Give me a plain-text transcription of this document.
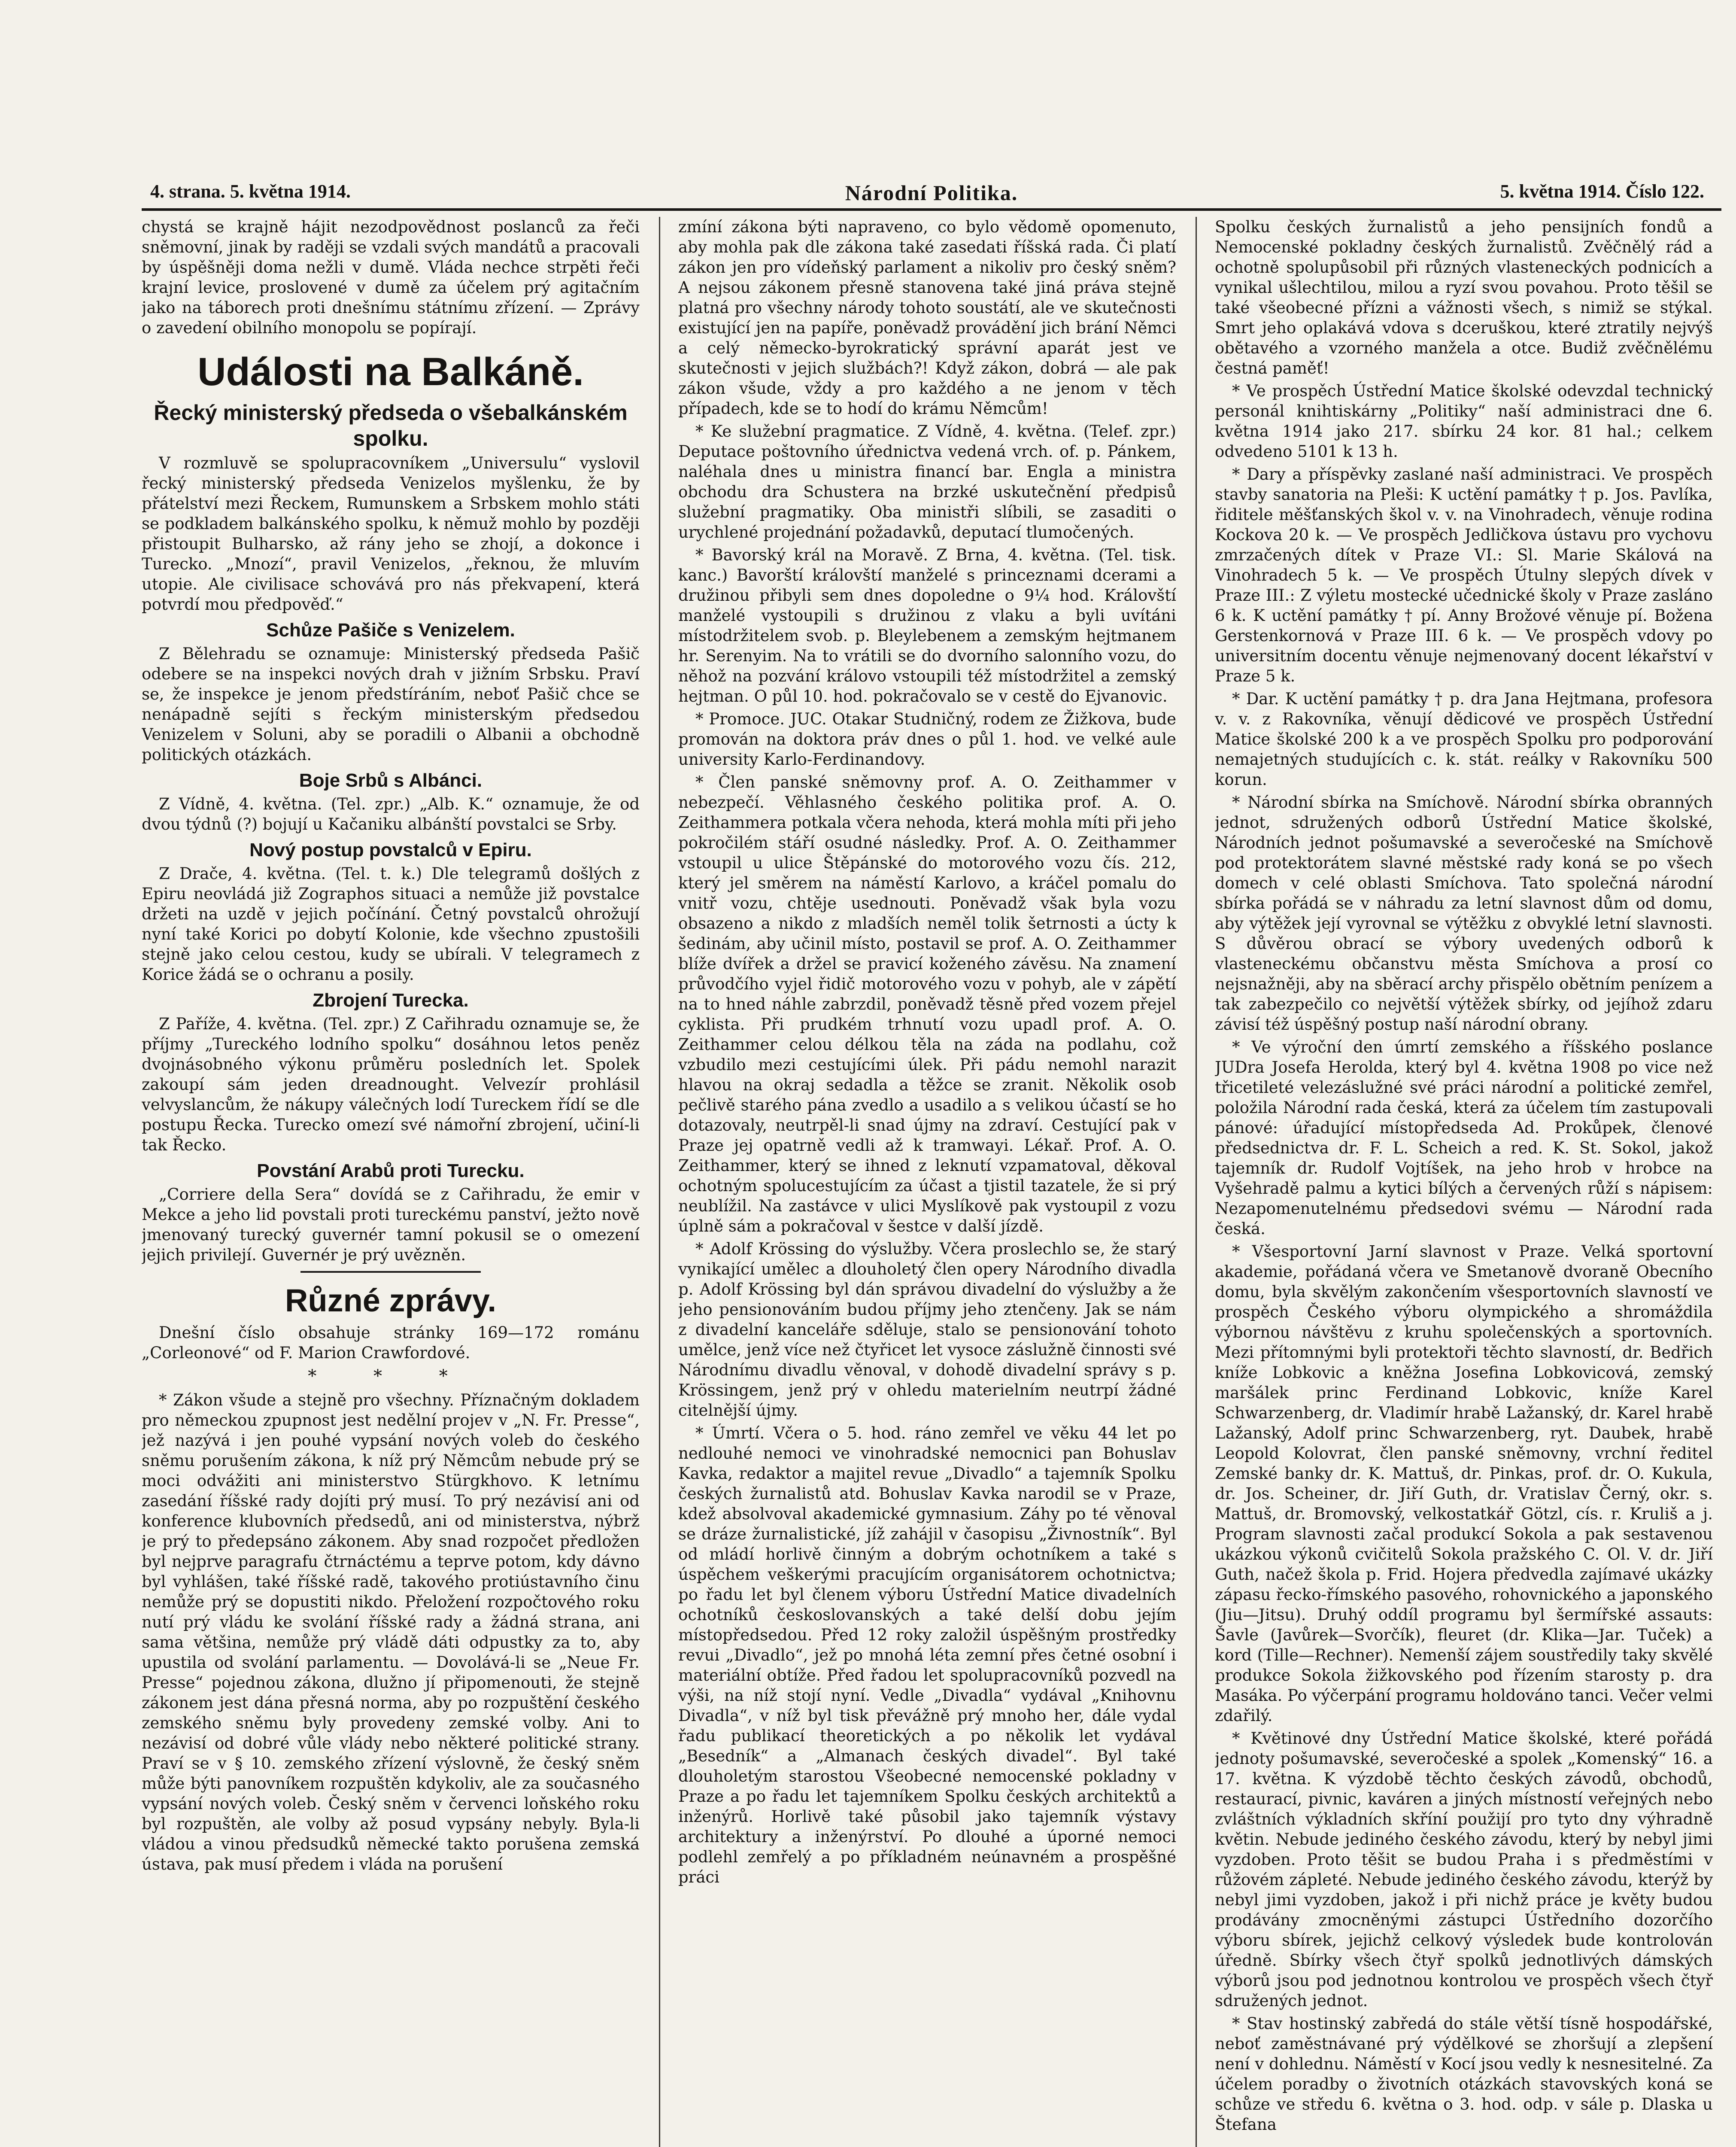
4. strana. 5. května 1914.	Národní Politika.	5. května 1914. Číslo 122.

chystá se krajně hájit nezodpovědnost poslanců za řeči sněmovní, jinak by raději se vzdali svých mandátů a pracovali by úspěšněji doma nežli v dumě. Vláda nechce strpěti řeči krajní levice, proslovené v dumě za účelem prý agitačním jako na táborech proti dnešnímu státnímu zřízení. — Zprávy o zavedení obilního monopolu se popírají.

Události na Balkáně.
Řecký ministerský předseda o všebalkánském spolku.

V rozmluvě se spolupracovníkem „Universulu“ vyslovil řecký ministerský předseda Venizelos myšlenku, že by přátelství mezi Řeckem, Rumunskem a Srbskem mohlo státi se podkladem balkánského spolku, k němuž mohlo by později přistoupit Bulharsko, až rány jeho se zhojí, a dokonce i Turecko. „Mnozí“, pravil Venizelos, „řeknou, že mluvím utopie. Ale civilisace schovává pro nás překvapení, která potvrdí mou předpověď.“

Schůze Pašiče s Venizelem.

Z Bělehradu se oznamuje: Ministerský předseda Pašič odebere se na inspekci nových drah v jižním Srbsku. Praví se, že inspekce je jenom předstíráním, neboť Pašič chce se nenápadně sejíti s řeckým ministerským předsedou Venizelem v Soluni, aby se poradili o Albanii a obchodně politických otázkách.

Boje Srbů s Albánci.

Z Vídně, 4. května. (Tel. zpr.) „Alb. K.“ oznamuje, že od dvou týdnů (?) bojují u Kačaniku albánští povstalci se Srby.

Nový postup povstalců v Epiru.

Z Drače, 4. května. (Tel. t. k.) Dle telegramů došlých z Epiru neovládá již Zographos situaci a nemůže již povstalce držeti na uzdě v jejich počínání. Četný povstalců ohrožují nyní také Korici po dobytí Kolonie, kde všechno zpustošili stejně jako celou cestou, kudy se ubírali. V telegramech z Korice žádá se o ochranu a posily.

Zbrojení Turecka.

Z Paříže, 4. května. (Tel. zpr.) Z Cařihradu oznamuje se, že příjmy „Tureckého lodního spolku“ dosáhnou letos peněz dvojnásobného výkonu průměru posledních let. Spolek zakoupí sám jeden dreadnought. Velvezír prohlásil velvyslancům, že nákupy válečných lodí Tureckem řídí se dle postupu Řecka. Turecko omezí své námořní zbrojení, učiní-li tak Řecko.

Povstání Arabů proti Turecku.

„Corriere della Sera“ dovídá se z Cařihradu, že emir v Mekce a jeho lid povstali proti tureckému panství, ježto nově jmenovaný turecký guvernér tamní pokusil se o omezení jejich privilejí. Guvernér je prý uvězněn.

Různé zprávy.

Dnešní číslo obsahuje stránky 169—172 románu „Corleonové“ od F. Marion Crawfordové.

* * *

* Zákon všude a stejně pro všechny. Příznačným dokladem pro německou zpupnost jest nedělní projev v „N. Fr. Presse“, jež nazývá i jen pouhé vypsání nových voleb do českého sněmu porušením zákona, k níž prý Němcům nebude prý se moci odvážiti ani ministerstvo Stürgkhovo. K letnímu zasedání říšské rady dojíti prý musí. To prý nezávisí ani od konference klubovních předsedů, ani od ministerstva, nýbrž je prý to předepsáno zákonem. Aby snad rozpočet předložen byl nejprve paragrafu čtrnáctému a teprve potom, kdy dávno byl vyhlášen, také říšské radě, takového protiústavního činu nemůže prý se dopustiti nikdo. Přeložení rozpočtového roku nutí prý vládu ke svolání říšské rady a žádná strana, ani sama většina, nemůže prý vládě dáti odpustky za to, aby upustila od svolání parlamentu. — Dovolává-li se „Neue Fr. Presse“ pojednou zákona, dlužno jí připomenouti, že stejně zákonem jest dána přesná norma, aby po rozpuštění českého zemského sněmu byly provedeny zemské volby. Ani to nezávisí od dobré vůle vlády nebo některé politické strany. Praví se v § 10. zemského zřízení výslovně, že český sněm může býti panovníkem rozpuštěn kdykoliv, ale za současného vypsání nových voleb. Český sněm v červenci loňského roku byl rozpuštěn, ale volby až posud vypsány nebyly. Byla-li vládou a vinou předsudků německé takto porušena zemská ústava, pak musí předem i vláda na porušení

zmíní zákona býti napraveno, co bylo vědomě opomenuto, aby mohla pak dle zákona také zasedati říšská rada. Či platí zákon jen pro vídeňský parlament a nikoliv pro český sněm? A nejsou zákonem přesně stanovena také jiná práva stejně platná pro všechny národy tohoto soustátí, ale ve skutečnosti existující jen na papíře, poněvadž provádění jich brání Němci a celý německo-byrokratický správní aparát jest ve skutečnosti v jejich službách?! Když zákon, dobrá — ale pak zákon všude, vždy a pro každého a ne jenom v těch případech, kde se to hodí do krámu Němcům!

* Ke služební pragmatice. Z Vídně, 4. května. (Telef. zpr.) Deputace poštovního úřednictva vedená vrch. of. p. Pánkem, naléhala dnes u ministra financí bar. Engla a ministra obchodu dra Schustera na brzké uskutečnění předpisů služební pragmatiky. Oba ministři slíbili, se zasaditi o urychlené projednání požadavků, deputací tlumočených.

* Bavorský král na Moravě. Z Brna, 4. května. (Tel. tisk. kanc.) Bavorští královští manželé s princeznami dcerami a družinou přibyli sem dnes dopoledne o 9¼ hod. Královští manželé vystoupili s družinou z vlaku a byli uvítáni místodržitelem svob. p. Bleylebenem a zemským hejtmanem hr. Serenyim. Na to vrátili se do dvorního salonního vozu, do něhož na pozvání královo vstoupili též místodržitel a zemský hejtman. O půl 10. hod. pokračovalo se v cestě do Ejvanovic.

* Promoce. JUC. Otakar Studničný, rodem ze Žižkova, bude promován na doktora práv dnes o půl 1. hod. ve velké aule university Karlo-Ferdinandovy.

* Člen panské sněmovny prof. A. O. Zeithammer v nebezpečí. Věhlasného českého politika prof. A. O. Zeithammera potkala včera nehoda, která mohla míti při jeho pokročilém stáří osudné následky. Prof. A. O. Zeithammer vstoupil u ulice Štěpánské do motorového vozu čís. 212, který jel směrem na náměstí Karlovo, a kráčel pomalu do vnitř vozu, chtěje usednouti. Poněvadž však byla vozu obsazeno a nikdo z mladších neměl tolik šetrnosti a úcty k šedinám, aby učinil místo, postavil se prof. A. O. Zeithammer blíže dvířek a držel se pravicí koženého závěsu. Na znamení průvodčího vyjel řidič motorového vozu v pohyb, ale v zápětí na to hned náhle zabrzdil, poněvadž těsně před vozem přejel cyklista. Při prudkém trhnutí vozu upadl prof. A. O. Zeithammer celou délkou těla na záda na podlahu, což vzbudilo mezi cestujícími úlek. Při pádu nemohl narazit hlavou na okraj sedadla a těžce se zranit. Několik osob pečlivě starého pána zvedlo a usadilo a s velikou účastí se ho dotazovaly, neutrpěl-li snad újmy na zdraví. Cestující pak v Praze jej opatrně vedli až k tramwayi. Lékař. Prof. A. O. Zeithammer, který se ihned z leknutí vzpamatoval, děkoval ochotným spolucestujícím za účast a tjistil tazatele, že si prý neublížil. Na zastávce v ulici Myslíkově pak vystoupil z vozu úplně sám a pokračoval v šestce v další jízdě.

* Adolf Krössing do výslužby. Včera proslechlo se, že starý vynikající umělec a dlouholetý člen opery Národního divadla p. Adolf Krössing byl dán správou divadelní do výslužby a že jeho pensionováním budou příjmy jeho ztenčeny. Jak se nám z divadelní kanceláře sděluje, stalo se pensionování tohoto umělce, jenž více než čtyřicet let vysoce záslužně činnosti své Národnímu divadlu věnoval, v dohodě divadelní správy s p. Krössingem, jenž prý v ohledu materielním neutrpí žádné citelnější újmy.

* Úmrtí. Včera o 5. hod. ráno zemřel ve věku 44 let po nedlouhé nemoci ve vinohradské nemocnici pan Bohuslav Kavka, redaktor a majitel revue „Divadlo“ a tajemník Spolku českých žurnalistů atd. Bohuslav Kavka narodil se v Praze, kdež absolvoval akademické gymnasium. Záhy po té věnoval se dráze žurnalistické, jíž zahájil v časopisu „Živnostník“. Byl od mládí horlivě činným a dobrým ochotníkem a také s úspěchem veškerými pracujícím organisátorem ochotnictva; po řadu let byl členem výboru Ústřední Matice divadelních ochotníků českoslovanských a také delší dobu jejím místopředsedou. Před 12 roky založil úspěšným prostředky revui „Divadlo“, jež po mnohá léta zemní přes četné osobní i materiální obtíže. Před řadou let spolupracovníků pozvedl na výši, na níž stojí nyní. Vedle „Divadla“ vydával „Knihovnu Divadla“, v níž byl tisk převážně prý mnoho her, dále vydal řadu publikací theoretických a po několik let vydával „Besedník“ a „Almanach českých divadel“. Byl také dlouholetým starostou Všeobecné nemocenské pokladny v Praze a po řadu let tajemníkem Spolku českých architektů a inženýrů. Horlivě také působil jako tajemník výstavy architektury a inženýrství. Po dlouhé a úporné nemoci podlehl zemřelý a po příkladném neúnavném a prospěšné práci

Spolku českých žurnalistů a jeho pensijních fondů a Nemocenské pokladny českých žurnalistů. Zvěčnělý rád a ochotně spolupůsobil při různých vlasteneckých podnicích a vynikal ušlechtilou, milou a ryzí svou povahou. Proto těšil se také všeobecné přízni a vážnosti všech, s nimiž se stýkal. Smrt jeho oplakává vdova s dceruškou, které ztratily nejvýš obětavého a vzorného manžela a otce. Budiž zvěčnělému čestná paměť!

* Ve prospěch Ústřední Matice školské odevzdal technický personál knihtiskárny „Politiky“ naší administraci dne 6. května 1914 jako 217. sbírku 24 kor. 81 hal.; celkem odvedeno 5101 k 13 h.

* Dary a příspěvky zaslané naší administraci. Ve prospěch stavby sanatoria na Pleši: K uctění památky † p. Jos. Pavlíka, řiditele měšťanských škol v. v. na Vinohradech, věnuje rodina Kockova 20 k. — Ve prospěch Jedličkova ústavu pro vychovu zmrzačených dítek v Praze VI.: Sl. Marie Skálová na Vinohradech 5 k. — Ve prospěch Útulny slepých dívek v Praze III.: Z výletu mostecké učednické školy v Praze zasláno 6 k. K uctění památky † pí. Anny Brožové věnuje pí. Božena Gerstenkornová v Praze III. 6 k. — Ve prospěch vdovy po universitním docentu věnuje nejmenovaný docent lékařství v Praze 5 k.

* Dar. K uctění památky † p. dra Jana Hejtmana, profesora v. v. z Rakovníka, věnují dědicové ve prospěch Ústřední Matice školské 200 k a ve prospěch Spolku pro podporování nemajetných studujících c. k. stát. reálky v Rakovníku 500 korun.

* Národní sbírka na Smíchově. Národní sbírka obranných jednot, sdružených odborů Ústřední Matice školské, Národních jednot pošumavské a severočeské na Smíchově pod protektorátem slavné městské rady koná se po všech domech v celé oblasti Smíchova. Tato společná národní sbírka pořádá se v náhradu za letní slavnost dům od domu, aby výtěžek její vyrovnal se výtěžku z obvyklé letní slavnosti. S důvěrou obrací se výbory uvedených odborů k vlasteneckému občanstvu města Smíchova a prosí co nejsnažněji, aby na sběrací archy přispělo obětním penízem a tak zabezpečilo co největší výtěžek sbírky, od jejíhož zdaru závisí též úspěšný postup naší národní obrany.

* Ve výroční den úmrtí zemského a říšského poslance JUDra Josefa Herolda, který byl 4. května 1908 po vice než třicetileté velezáslužné své práci národní a politické zemřel, položila Národní rada česká, která za účelem tím zastupovali pánové: úřadující místopředseda Ad. Prokůpek, členové předsednictva dr. F. L. Scheich a red. K. St. Sokol, jakož tajemník dr. Rudolf Vojtíšek, na jeho hrob v hrobce na Vyšehradě palmu a kytici bílých a červených růží s nápisem: Nezapomenutelnému předsedovi svému — Národní rada česká.

* Všesportovní Jarní slavnost v Praze. Velká sportovní akademie, pořádaná včera ve Smetanově dvoraně Obecního domu, byla skvělým zakončením všesportovních slavností ve prospěch Českého výboru olympického a shromáždila výbornou návštěvu z kruhu společenských a sportovních. Mezi přítomnými byli protektoři těchto slavností, dr. Bedřich kníže Lobkovic a kněžna Josefina Lobkovicová, zemský maršálek princ Ferdinand Lobkovic, kníže Karel Schwarzenberg, dr. Vladimír hrabě Lažanský, dr. Karel hrabě Lažanský, Adolf princ Schwarzenberg, ryt. Daubek, hrabě Leopold Kolovrat, člen panské sněmovny, vrchní ředitel Zemské banky dr. K. Mattuš, dr. Pinkas, prof. dr. O. Kukula, dr. Jos. Scheiner, dr. Jiří Guth, dr. Vratislav Černý, okr. s. Mattuš, dr. Bromovský, velkostatkář Götzl, cís. r. Kruliš a j. Program slavnosti začal produkcí Sokola a pak sestavenou ukázkou výkonů cvičitelů Sokola pražského C. Ol. V. dr. Jiří Guth, načež škola p. Frid. Hojera předvedla zajímavé ukázky zápasu řecko-římského pasového, rohovnického a japonského (Jiu—Jitsu). Druhý oddíl programu byl šermířské assauts: Šavle (Javůrek—Svorčík), fleuret (dr. Klika—Jar. Tuček) a kord (Tille—Rechner). Nemenší zájem soustředily taky skvělé produkce Sokola žižkovského pod řízením starosty p. dra Masáka. Po výčerpání programu holdováno tanci. Večer velmi zdařilý.

* Květinové dny Ústřední Matice školské, které pořádá jednoty pošumavské, severočeské a spolek „Komenský“ 16. a 17. května. K výzdobě těchto českých závodů, obchodů, restaurací, pivnic, kaváren a jiných místností veřejných nebo zvláštních výkladních skříní použijí pro tyto dny výhradně květin. Nebude jediného českého závodu, který by nebyl jimi vyzdoben. Proto těšit se budou Praha i s předměstími v růžovém zápleté. Nebude jediného českého závodu, kterýž by nebyl jimi vyzdoben, jakož i při nichž práce je květy budou prodávány zmocněnými zástupci Ústředního dozorčího výboru sbírek, jejichž celkový výsledek bude kontrolován úředně. Sbírky všech čtyř spolků jednotlivých dámských výborů jsou pod jednotnou kontrolou ve prospěch všech čtyř sdružených jednot.

* Stav hostinský zabředá do stále větší tísně hospodářské, neboť zaměstnávané prý výdělkové se zhoršují a zlepšení není v dohlednu. Náměstí v Kocí jsou vedly k nesnesitelné. Za účelem poradby o životních otázkách stavovských koná se schůze ve středu 6. května o 3. hod. odp. v sále p. Dlaska u Štefana
